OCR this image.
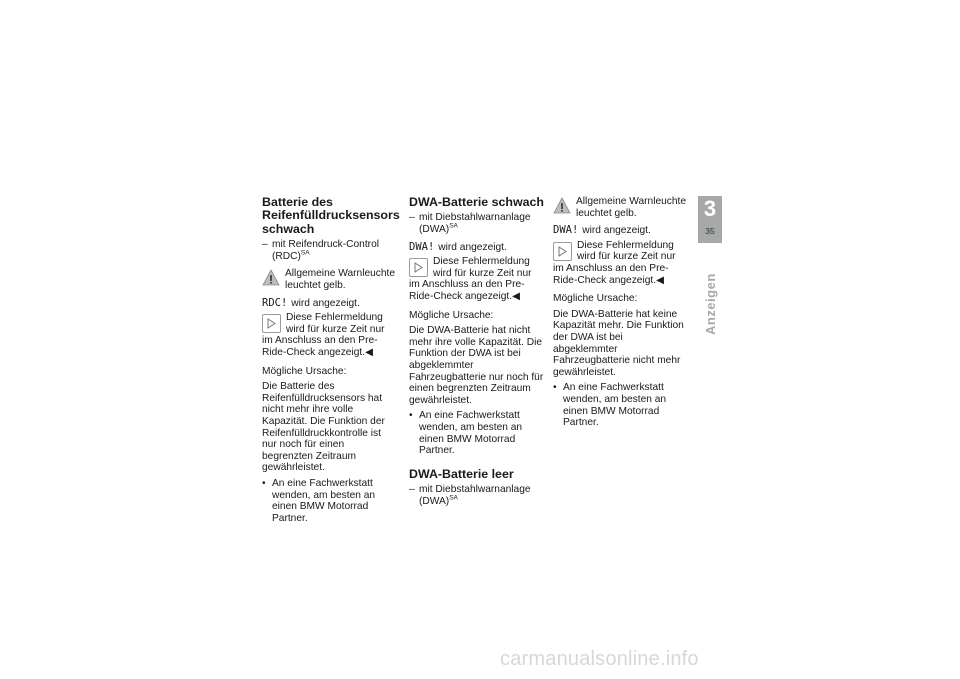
Batterie des Reifenfülldrucksensors schwach
– mit Reifendruck-Control (RDC)$^{SA}$
Allgemeine Warnleuchte leuchtet gelb.
RDC! wird angezeigt.
Diese Fehlermeldung wird für kurze Zeit nur im Anschluss an den Pre-Ride-Check angezeigt.◀

Mögliche Ursache:

Die Batterie des Reifenfülldrucksensors hat nicht mehr ihre volle Kapazität. Die Funktion der Reifenfülldruckkontrolle ist nur noch für einen begrenzten Zeitraum gewährleistet.

• An eine Fachwerkstatt wenden, am besten an einen BMW Motorrad Partner.
DWA-Batterie schwach
– mit Diebstahlwarnanlage (DWA)$^{SA}$
DWA! wird angezeigt.
Diese Fehlermeldung wird für kurze Zeit nur im Anschluss an den Pre-Ride-Check angezeigt.◀

Mögliche Ursache:

Die DWA-Batterie hat nicht mehr ihre volle Kapazität. Die Funktion der DWA ist bei abgeklemmter Fahrzeugbatterie nur noch für einen begrenzten Zeitraum gewährleistet.

• An eine Fachwerkstatt wenden, am besten an einen BMW Motorrad Partner.
DWA-Batterie leer
– mit Diebstahlwarnanlage (DWA)$^{SA}$
Allgemeine Warnleuchte leuchtet gelb.
DWA! wird angezeigt.
Diese Fehlermeldung wird für kurze Zeit nur im Anschluss an den Pre-Ride-Check angezeigt.◀

Mögliche Ursache:

Die DWA-Batterie hat keine Kapazität mehr. Die Funktion der DWA ist bei abgeklemmter Fahrzeugbatterie nicht mehr gewährleistet.

• An eine Fachwerkstatt wenden, am besten an einen BMW Motorrad Partner.
3
35
Anzeigen
carmanualsonline.info
